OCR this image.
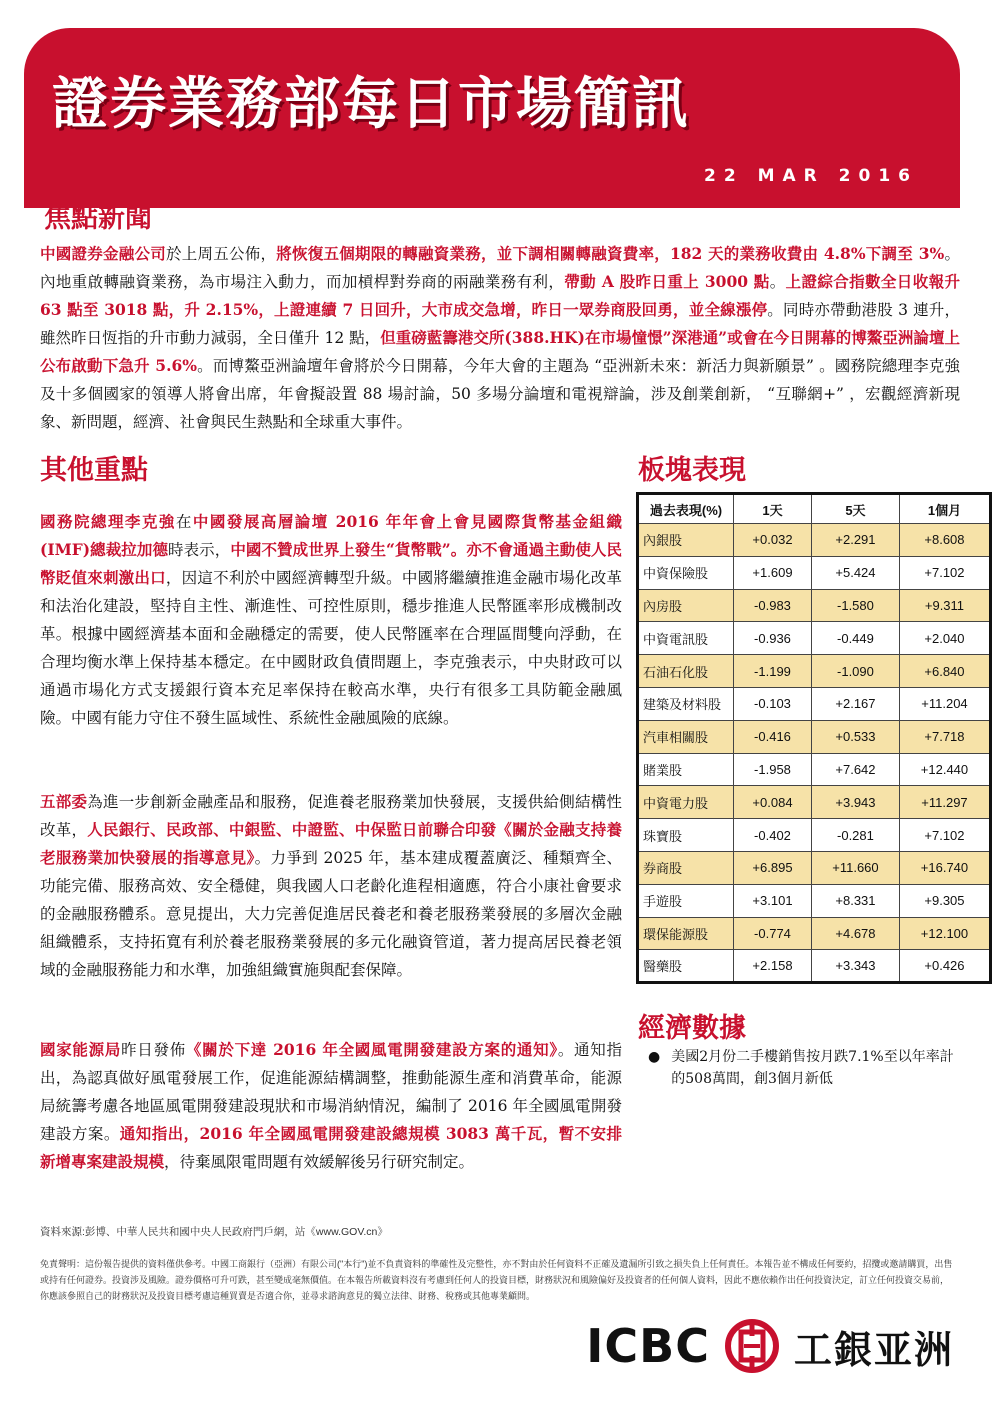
證券業務部每日市場簡訊
22 MAR 2016
焦點新聞
中國證券金融公司於上周五公佈，將恢復五個期限的轉融資業務，並下調相關轉融資費率，182 天的業務收費由 4.8%下調至 3%。內地重啟轉融資業務，為市場注入動力，而加槓桿對券商的兩融業務有利，帶動 A 股昨日重上 3000 點。上證綜合指數全日收報升 63 點至 3018 點，升 2.15%，上證連續 7 日回升，大市成交急增，昨日一眾券商股回勇，並全線漲停。同時亦帶動港股 3 連升，雖然昨日恆指的升市動力減弱，全日僅升 12 點，但重磅藍籌港交所(388.HK)在市場憧憬”深港通”或會在今日開幕的博鰲亞洲論壇上公布啟動下急升 5.6%。而博鰲亞洲論壇年會將於今日開幕，今年大會的主題為 “亞洲新未來：新活力與新願景” 。國務院總理李克強及十多個國家的領導人將會出席，年會擬設置 88 場討論，50 多場分論壇和電視辯論，涉及創業創新， “互聯網+” ，宏觀經濟新現象、新問題，經濟、社會與民生熱點和全球重大事件。
其他重點
國務院總理李克強在中國發展高層論壇 2016 年年會上會見國際貨幣基金組織(IMF)總裁拉加德時表示，中國不贊成世界上發生“貨幣戰”。亦不會通過主動使人民幣貶值來刺激出口，因這不利於中國經濟轉型升級。中國將繼續推進金融市場化改革和法治化建設，堅持自主性、漸進性、可控性原則，穩步推進人民幣匯率形成機制改革。根據中國經濟基本面和金融穩定的需要，使人民幣匯率在合理區間雙向浮動，在合理均衡水準上保持基本穩定。在中國財政負債問題上，李克強表示，中央財政可以通過市場化方式支援銀行資本充足率保持在較高水準，央行有很多工具防範金融風險。中國有能力守住不發生區域性、系統性金融風險的底線。
五部委為進一步創新金融產品和服務，促進養老服務業加快發展，支援供給側結構性改革，人民銀行、民政部、中銀監、中證監、中保監日前聯合印發《關於金融支持養老服務業加快發展的指導意見》。力爭到 2025 年，基本建成覆蓋廣泛、種類齊全、功能完備、服務高效、安全穩健，與我國人口老齡化進程相適應，符合小康社會要求的金融服務體系。意見提出，大力完善促進居民養老和養老服務業發展的多層次金融組織體系，支持拓寬有利於養老服務業發展的多元化融資管道，著力提高居民養老領域的金融服務能力和水準，加強組織實施與配套保障。
國家能源局昨日發佈《關於下達 2016 年全國風電開發建設方案的通知》。通知指出，為認真做好風電發展工作，促進能源結構調整，推動能源生產和消費革命，能源局統籌考慮各地區風電開發建設現狀和市場消納情況，編制了 2016 年全國風電開發建設方案。通知指出，2016 年全國風電開發建設總規模 3083 萬千瓦，暫不安排新增專案建設規模，待棄風限電問題有效緩解後另行研究制定。
板塊表現
過去表現(%)	1天	5天	1個月
內銀股	+0.032	+2.291	+8.608
中資保險股	+1.609	+5.424	+7.102
內房股	-0.983	-1.580	+9.311
中資電訊股	-0.936	-0.449	+2.040
石油石化股	-1.199	-1.090	+6.840
建築及材料股	-0.103	+2.167	+11.204
汽車相關股	-0.416	+0.533	+7.718
賭業股	-1.958	+7.642	+12.440
中資電力股	+0.084	+3.943	+11.297
珠寶股	-0.402	-0.281	+7.102
券商股	+6.895	+11.660	+16.740
手遊股	+3.101	+8.331	+9.305
環保能源股	-0.774	+4.678	+12.100
醫藥股	+2.158	+3.343	+0.426
經濟數據
● 美國2月份二手樓銷售按月跌7.1%至以年率計的508萬間，創3個月新低
資料來源:彭博、中華人民共和國中央人民政府門戶網，站《www.GOV.cn》
免責聲明：這份報告提供的資料僅供參考。中國工商銀行（亞洲）有限公司("本行")並不負責資料的準確性及完整性，亦不對由於任何資料不正確及遺漏所引致之損失負上任何責任。本報告並不構成任何要約，招攬或邀請購買，出售或持有任何證券。投資涉及風險。證券價格可升可跌，甚至變成毫無價值。在本報告所載資料沒有考慮到任何人的投資目標，財務狀況和風險偏好及投資者的任何個人資料，因此不應依賴作出任何投資決定，訂立任何投資交易前，你應該參照自己的財務狀況及投資目標考慮這種買賣是否適合你，並尋求諮詢意見的獨立法律、財務、稅務或其他專業顧問。
ICBC 工銀亚洲
